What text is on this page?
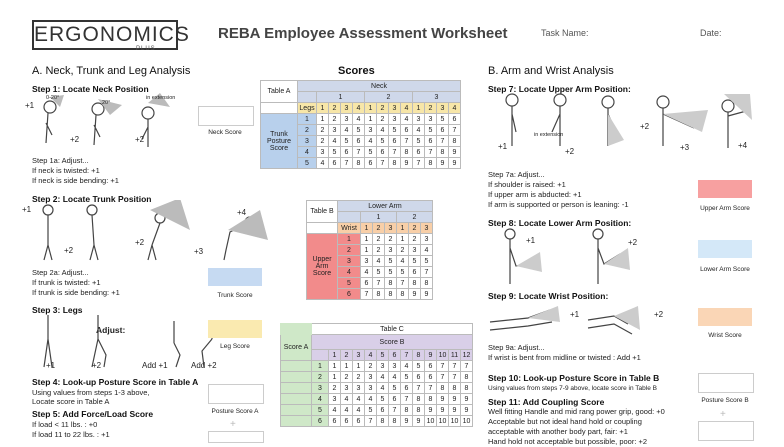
ERGONOMICS
PLUS
REBA Employee Assessment Worksheet	Task Name:	Date:
A. Neck, Trunk and Leg Analysis
Step 1: Locate Neck Position
+1
+2	+2
0-20°
20°
in extension
Step 1a: Adjust...
If neck is twisted: +1
If neck is side bending: +1
Neck Score
Step 2: Locate Trunk Position
+1
+2
+2
+3
+4
Step 2a: Adjust...
If trunk is twisted: +1
If trunk is side bending: +1	Trunk Score
Step 3: Legs
Adjust:
+1	+2	Add +1	Add +2
Leg Score
Step 4: Look-up Posture Score in Table A
Using values from steps 1-3 above,
Locate score in Table A
Posture Score A
+
Step 5: Add Force/Load Score
If load < 11 lbs. : +0
If load 11 to 22 lbs. : +1
Scores
Table A	Neck												
		1				2				3			
	Legs	1	2	3	4	1	2	3	4	1	2	3	4
Trunk
Posture
Score	1	1	2	3	4	1	2	3	4	3	3	5	6
	2	2	3	4	5	3	4	5	6	4	5	6	7
	3	2	4	5	6	4	5	6	7	5	6	7	8
	4	3	5	6	7	5	6	7	8	6	7	8	9
	5	4	6	7	8	6	7	8	9	7	8	9	9
Table B	Lower Arm						
		1			2		
	Wrist	1	2	3	1	2	3
Upper
Arm
Score	1	1	2	2	1	2	3
	2	1	2	3	2	3	4
	3	3	4	5	4	5	5
	4	4	5	5	5	6	7
	5	6	7	8	7	8	8
	6	7	8	8	8	9	9
	Table C												
Score A	Score B												
		1	2	3	4	5	6	7	8	9	10	11	12
	1	1	1	1	2	3	3	4	5	6	7	7	7
	2	1	2	2	3	4	4	5	6	6	7	7	8
	3	2	3	3	3	4	5	6	7	7	8	8	8
	4	3	4	4	4	5	6	7	8	8	9	9	9
	5	4	4	4	5	6	7	8	8	9	9	9	9
	6	6	6	6	7	8	8	9	9	10	10	10	10
B. Arm and Wrist Analysis
Step 7: Locate Upper Arm Position:
+1
+2
+2
+3	+4
in extension
Step 7a: Adjust...
If shoulder is raised: +1
If upper arm is abducted: +1
If arm is supported or person is leaning: -1	Upper Arm Score
Step 8: Locate Lower Arm Position:
+1	+2
Lower Arm Score
Step 9: Locate Wrist Position:
+1	+2
Step 9a: Adjust...
If wrist is bent from midline or twisted : Add +1
Wrist Score
Step 10: Look-up Posture Score in Table B
Using values from steps 7-9 above, locate score in Table B
Posture Score B
+
Step 11: Add Coupling Score
Well fitting Handle and mid rang power grip, good: +0
Acceptable but not ideal hand hold or coupling
acceptable with another body part, fair: +1
Hand hold not acceptable but possible, poor: +2
